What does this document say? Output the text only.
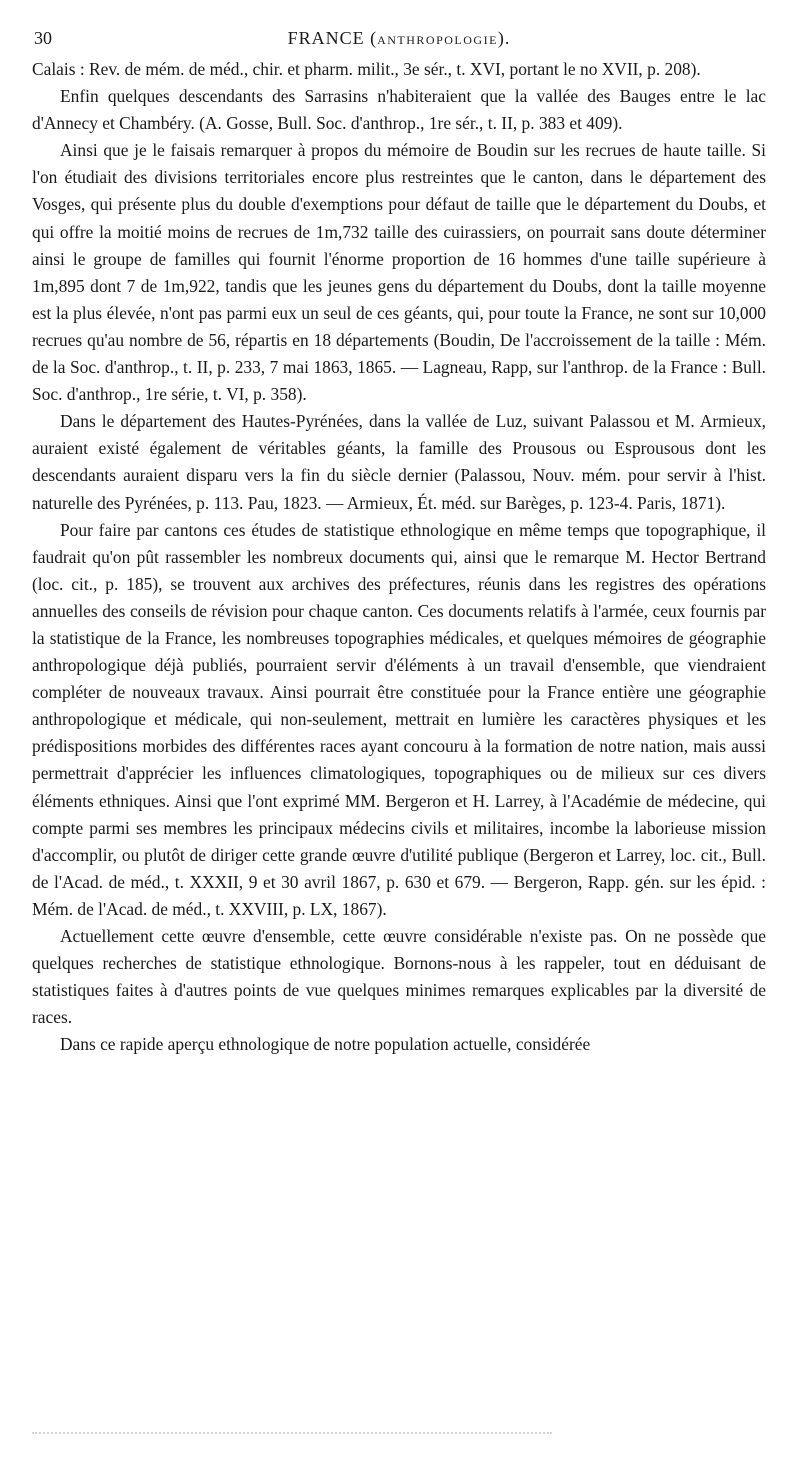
30	FRANCE (ANTHROPOLOGIE).

Calais : Rev. de mém. de méd., chir. et pharm. milit., 3e sér., t. XVI, portant le no XVII, p. 208).

Enfin quelques descendants des Sarrasins n'habiteraient que la vallée des Bauges entre le lac d'Annecy et Chambéry. (A. Gosse, Bull. Soc. d'anthrop., 1re sér., t. II, p. 383 et 409).

Ainsi que je le faisais remarquer à propos du mémoire de Boudin sur les recrues de haute taille. Si l'on étudiait des divisions territoriales encore plus restreintes que le canton, dans le département des Vosges, qui présente plus du double d'exemptions pour défaut de taille que le département du Doubs, et qui offre la moitié moins de recrues de 1m,732 taille des cuirassiers, on pourrait sans doute déterminer ainsi le groupe de familles qui fournit l'énorme proportion de 16 hommes d'une taille supérieure à 1m,895 dont 7 de 1m,922, tandis que les jeunes gens du département du Doubs, dont la taille moyenne est la plus élevée, n'ont pas parmi eux un seul de ces géants, qui, pour toute la France, ne sont sur 10,000 recrues qu'au nombre de 56, répartis en 18 départements (Boudin, De l'accroissement de la taille : Mém. de la Soc. d'anthrop., t. II, p. 233, 7 mai 1863, 1865. — Lagneau, Rapp, sur l'anthrop. de la France : Bull. Soc. d'anthrop., 1re série, t. VI, p. 358).

Dans le département des Hautes-Pyrénées, dans la vallée de Luz, suivant Palassou et M. Armieux, auraient existé également de véritables géants, la famille des Prousous ou Esprousous dont les descendants auraient disparu vers la fin du siècle dernier (Palassou, Nouv. mém. pour servir à l'hist. naturelle des Pyrénées, p. 113. Pau, 1823. — Armieux, Ét. méd. sur Barèges, p. 123-4. Paris, 1871).

Pour faire par cantons ces études de statistique ethnologique en même temps que topographique, il faudrait qu'on pût rassembler les nombreux documents qui, ainsi que le remarque M. Hector Bertrand (loc. cit., p. 185), se trouvent aux archives des préfectures, réunis dans les registres des opérations annuelles des conseils de révision pour chaque canton. Ces documents relatifs à l'armée, ceux fournis par la statistique de la France, les nombreuses topographies médicales, et quelques mémoires de géographie anthropologique déjà publiés, pourraient servir d'éléments à un travail d'ensemble, que viendraient compléter de nouveaux travaux. Ainsi pourrait être constituée pour la France entière une géographie anthropologique et médicale, qui non-seulement, mettrait en lumière les caractères physiques et les prédispositions morbides des différentes races ayant concouru à la formation de notre nation, mais aussi permettrait d'apprécier les influences climatologiques, topographiques ou de milieux sur ces divers éléments ethniques. Ainsi que l'ont exprimé MM. Bergeron et H. Larrey, à l'Académie de médecine, qui compte parmi ses membres les principaux médecins civils et militaires, incombe la laborieuse mission d'accomplir, ou plutôt de diriger cette grande œuvre d'utilité publique (Bergeron et Larrey, loc. cit., Bull. de l'Acad. de méd., t. XXXII, 9 et 30 avril 1867, p. 630 et 679. — Bergeron, Rapp. gén. sur les épid. : Mém. de l'Acad. de méd., t. XXVIII, p. LX, 1867).

Actuellement cette œuvre d'ensemble, cette œuvre considérable n'existe pas. On ne possède que quelques recherches de statistique ethnologique. Bornons-nous à les rappeler, tout en déduisant de statistiques faites à d'autres points de vue quelques minimes remarques explicables par la diversité de races.

Dans ce rapide aperçu ethnologique de notre population actuelle, considérée
